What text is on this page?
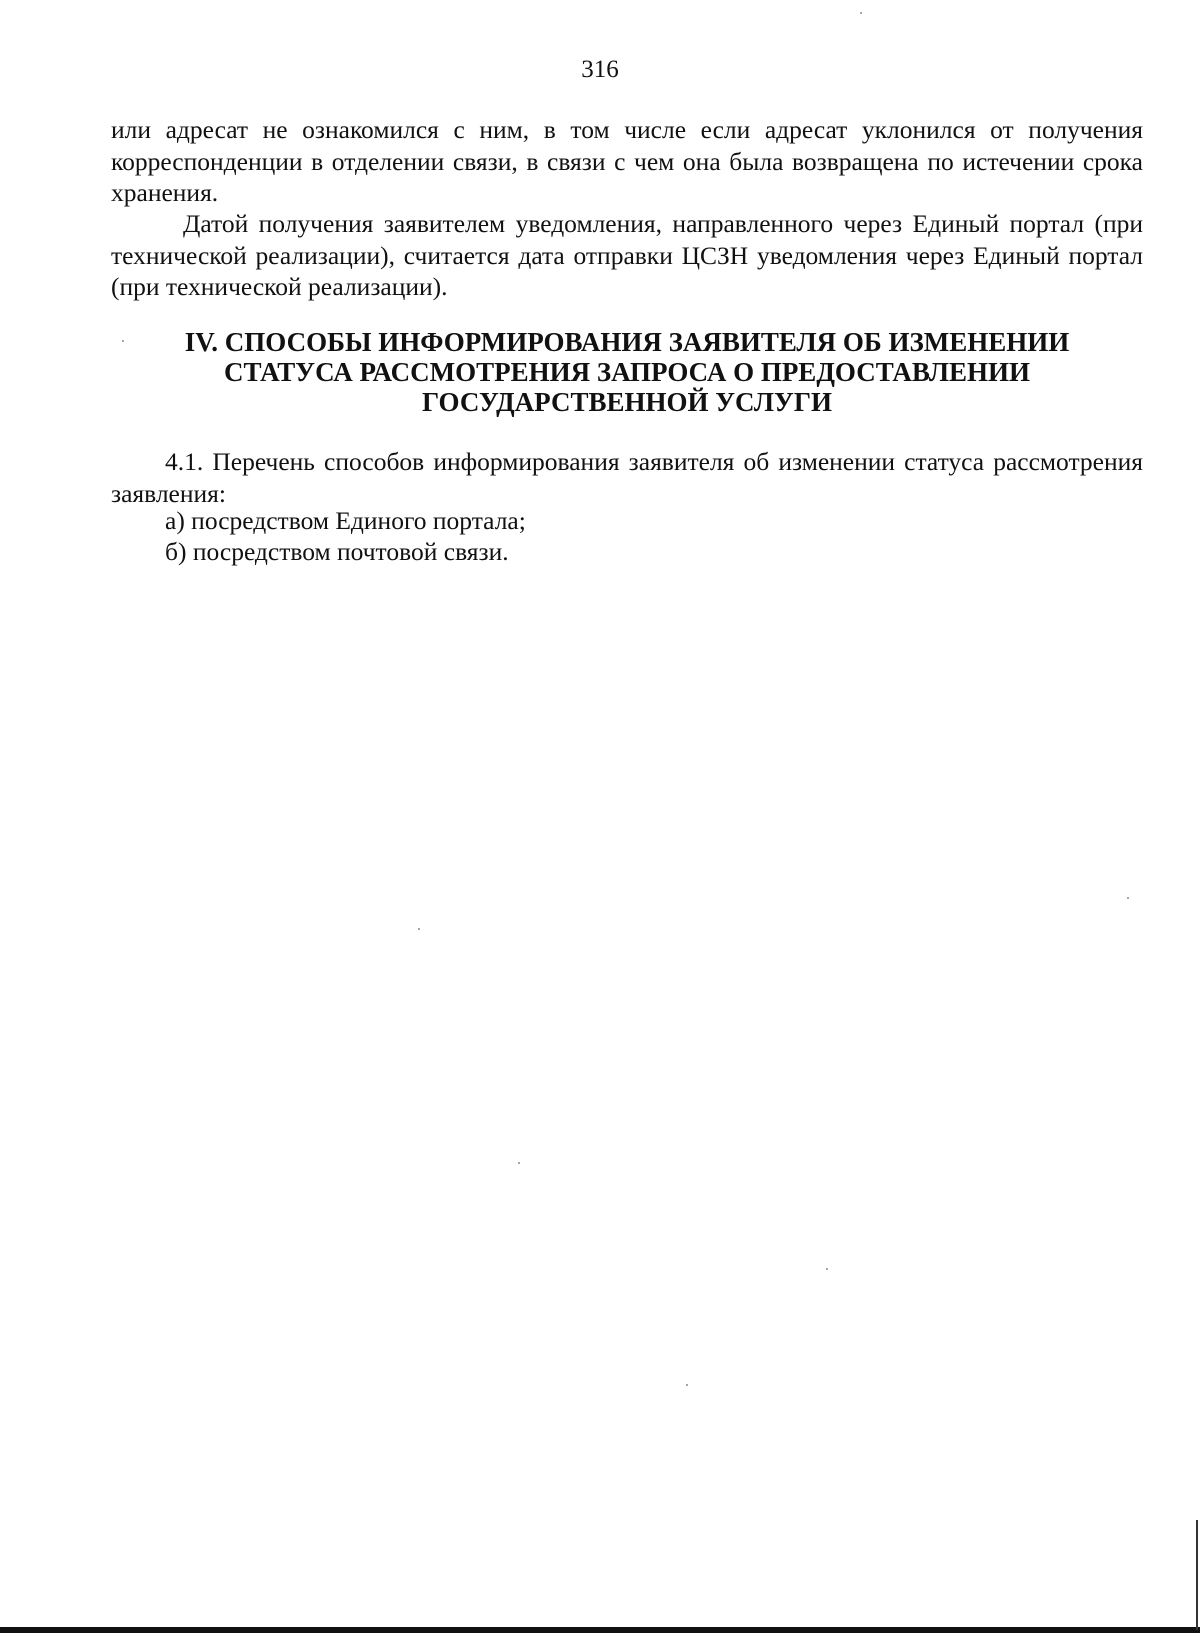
316

или адресат не ознакомился с ним, в том числе если адресат уклонился от получения корреспонденции в отделении связи, в связи с чем она была возвращена по истечении срока хранения.

Датой получения заявителем уведомления, направленного через Единый портал (при технической реализации), считается дата отправки ЦСЗН уведомления через Единый портал (при технической реализации).

IV. СПОСОБЫ ИНФОРМИРОВАНИЯ ЗАЯВИТЕЛЯ ОБ ИЗМЕНЕНИИ
СТАТУСА РАССМОТРЕНИЯ ЗАПРОСА О ПРЕДОСТАВЛЕНИИ
ГОСУДАРСТВЕННОЙ УСЛУГИ

4.1. Перечень способов информирования заявителя об изменении статуса рассмотрения заявления:

а) посредством Единого портала;

б) посредством почтовой связи.
